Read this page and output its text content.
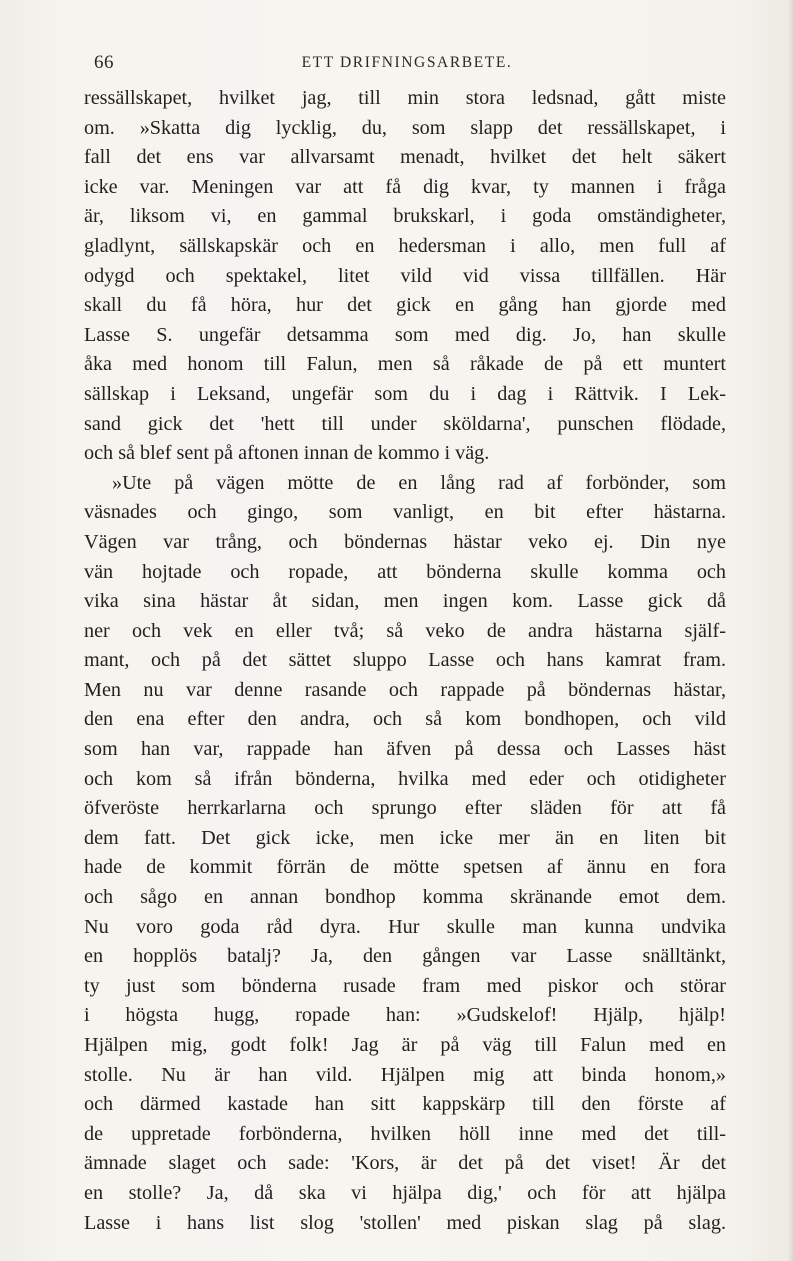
66	ETT DRIFNINGSARBETE.
ressällskapet, hvilket jag, till min stora ledsnad, gått miste
om. »Skatta dig lycklig, du, som slapp det ressällskapet, i
fall det ens var allvarsamt menadt, hvilket det helt säkert
icke var. Meningen var att få dig kvar, ty mannen i fråga
är, liksom vi, en gammal brukskarl, i goda omständigheter,
gladlynt, sällskapskär och en hedersman i allo, men full af
odygd och spektakel, litet vild vid vissa tillfällen. Här
skall du få höra, hur det gick en gång han gjorde med
Lasse S. ungefär detsamma som med dig. Jo, han skulle
åka med honom till Falun, men så råkade de på ett muntert
sällskap i Leksand, ungefär som du i dag i Rättvik. I Lek-
sand gick det 'hett till under sköldarna', punschen flödade,
och så blef sent på aftonen innan de kommo i väg.
»Ute på vägen mötte de en lång rad af forbönder, som
väsnades och gingo, som vanligt, en bit efter hästarna.
Vägen var trång, och böndernas hästar veko ej. Din nye
vän hojtade och ropade, att bönderna skulle komma och
vika sina hästar åt sidan, men ingen kom. Lasse gick då
ner och vek en eller två; så veko de andra hästarna själf-
mant, och på det sättet sluppo Lasse och hans kamrat fram.
Men nu var denne rasande och rappade på böndernas hästar,
den ena efter den andra, och så kom bondhopen, och vild
som han var, rappade han äfven på dessa och Lasses häst
och kom så ifrån bönderna, hvilka med eder och otidigheter
öfveröste herrkarlarna och sprungo efter släden för att få
dem fatt. Det gick icke, men icke mer än en liten bit
hade de kommit förrän de mötte spetsen af ännu en fora
och sågo en annan bondhop komma skränande emot dem.
Nu voro goda råd dyra. Hur skulle man kunna undvika
en hopplös batalj? Ja, den gången var Lasse snälltänkt,
ty just som bönderna rusade fram med piskor och störar
i högsta hugg, ropade han: »Gudskelof! Hjälp, hjälp!
Hjälpen mig, godt folk! Jag är på väg till Falun med en
stolle. Nu är han vild. Hjälpen mig att binda honom,»
och därmed kastade han sitt kappskärp till den förste af
de uppretade forbönderna, hvilken höll inne med det till-
ämnade slaget och sade: 'Kors, är det på det viset! Är det
en stolle? Ja, då ska vi hjälpa dig,' och för att hjälpa
Lasse i hans list slog 'stollen' med piskan slag på slag.
